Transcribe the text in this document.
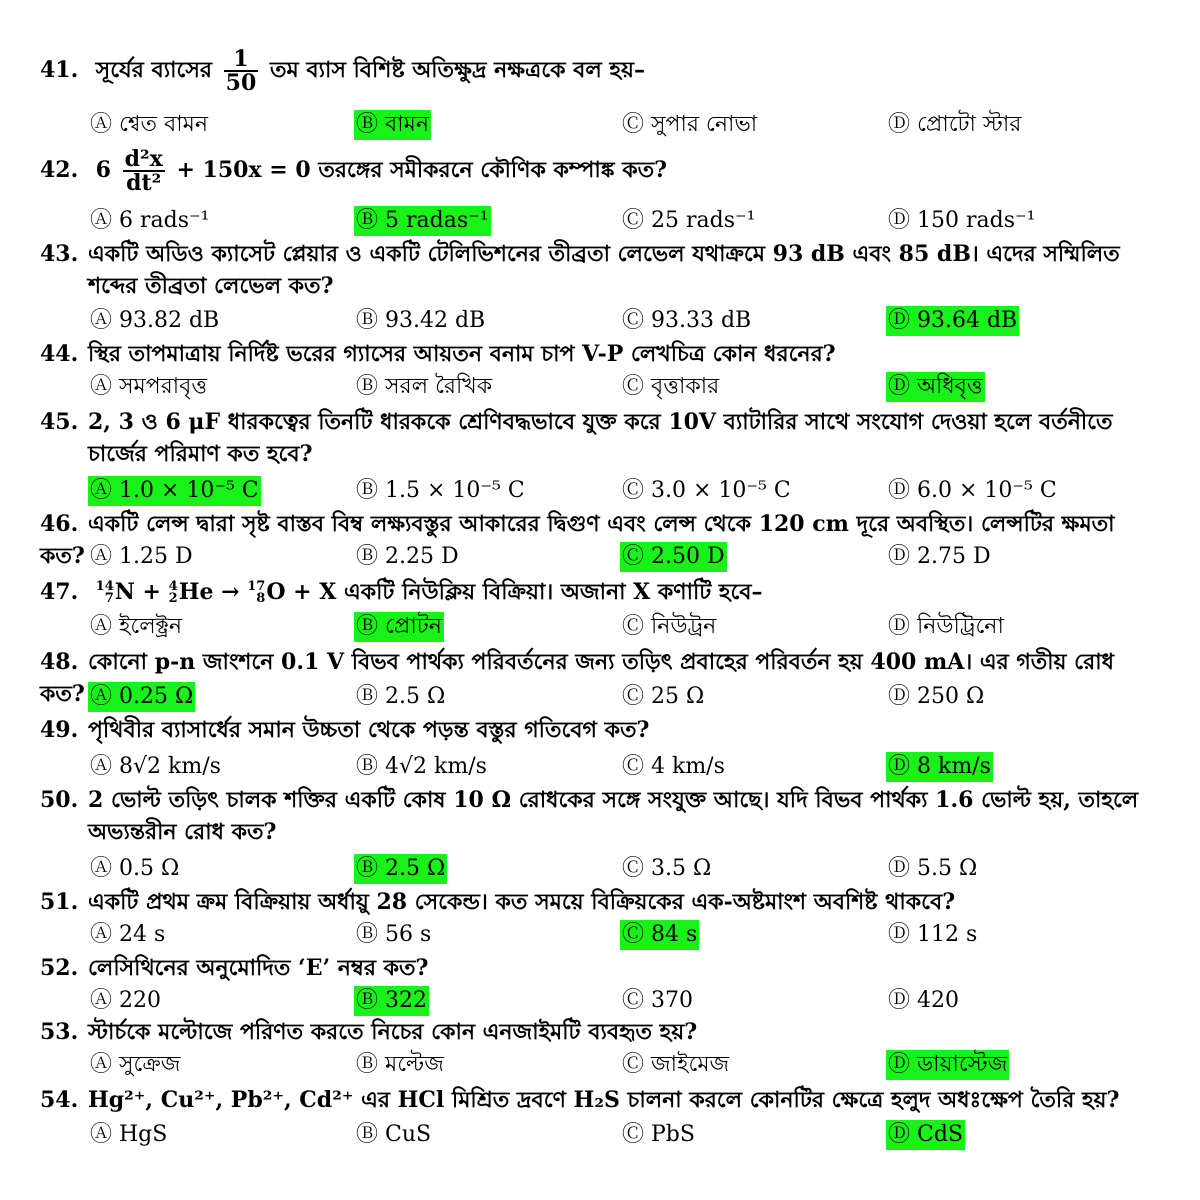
41. সূর্যের ব্যাসের $\frac{1}{50}$ তম ব্যাস বিশিষ্ট অতিক্ষুদ্র নক্ষত্রকে বল হয়–
Ⓐ শ্বেত বামন	Ⓑ বামন	Ⓒ সুপার নোভা	Ⓓ প্রোটো স্টার
42. $6 \frac{\text{d²x}}{\text{dt²}} + 150x = 0$ তরঙ্গের সমীকরনে কৌণিক কম্পাঙ্ক কত?
Ⓐ 6 rads⁻¹	Ⓑ 5 radas⁻¹	Ⓒ 25 rads⁻¹	Ⓓ 150 rads⁻¹
43. একটি অডিও ক্যাসেট প্লেয়ার ও একটি টেলিভিশনের তীব্রতা লেভেল যথাক্রমে 93 dB এবং 85 dB। এদের সম্মিলিত
শব্দের তীব্রতা লেভেল কত?
Ⓐ 93.82 dB	Ⓑ 93.42 dB	Ⓒ 93.33 dB	Ⓓ 93.64 dB
44. স্থির তাপমাত্রায় নির্দিষ্ট ভরের গ্যাসের আয়তন বনাম চাপ V-P লেখচিত্র কোন ধরনের?
Ⓐ সমপরাবৃত্ত	Ⓑ সরল রৈখিক	Ⓒ বৃত্তাকার	Ⓓ অধিবৃত্ত
45. 2, 3 ও 6 μF ধারকত্বের তিনটি ধারককে শ্রেণিবদ্ধভাবে যুক্ত করে 10V ব্যাটারির সাথে সংযোগ দেওয়া হলে বর্তনীতে
চার্জের পরিমাণ কত হবে?
Ⓐ 1.0 × 10⁻⁵ C	Ⓑ 1.5 × 10⁻⁵ C	Ⓒ 3.0 × 10⁻⁵ C	Ⓓ 6.0 × 10⁻⁵ C
46. একটি লেন্স দ্বারা সৃষ্ট বাস্তব বিম্ব লক্ষ্যবস্তুর আকারের দ্বিগুণ এবং লেন্স থেকে 120 cm দূরে অবস্থিত। লেন্সটির ক্ষমতা কত? Ⓐ 1.25 D	Ⓑ 2.25 D	Ⓒ 2.50 D	Ⓓ 2.75 D
47. 14
7 N + 4
2 He → 17
8 O + X একটি নিউক্লিয় বিক্রিয়া। অজানা X কণাটি হবে–
Ⓐ ইলেক্ট্রন	Ⓑ প্রোটন	Ⓒ নিউট্রন	Ⓓ নিউট্রিনো
48. কোনো p-n জাংশনে 0.1 V বিভব পার্থক্য পরিবর্তনের জন্য তড়িৎ প্রবাহের পরিবর্তন হয় 400 mA। এর গতীয় রোধ কত? Ⓐ 0.25 Ω	Ⓑ 2.5 Ω	Ⓒ 25 Ω	Ⓓ 250 Ω
49. পৃথিবীর ব্যাসার্ধের সমান উচ্চতা থেকে পড়ন্ত বস্তুর গতিবেগ কত?
Ⓐ 8√2 km/s	Ⓑ 4√2 km/s	Ⓒ 4 km/s	Ⓓ 8 km/s
50. 2 ভোল্ট তড়িৎ চালক শক্তির একটি কোষ 10 Ω রোধকের সঙ্গে সংযুক্ত আছে। যদি বিভব পার্থক্য 1.6 ভোল্ট হয়, তাহলে
অভ্যন্তরীন রোধ কত?
Ⓐ 0.5 Ω	Ⓑ 2.5 Ω	Ⓒ 3.5 Ω	Ⓓ 5.5 Ω
51. একটি প্রথম ক্রম বিক্রিয়ায় অর্ধায়ু 28 সেকেন্ড। কত সময়ে বিক্রিয়কের এক-অষ্টমাংশ অবশিষ্ট থাকবে?
Ⓐ 24 s	Ⓑ 56 s	Ⓒ 84 s	Ⓓ 112 s
52. লেসিথিনের অনুমোদিত ‘E’ নম্বর কত?
Ⓐ 220	Ⓑ 322	Ⓒ 370	Ⓓ 420
53. স্টার্চকে মল্টোজে পরিণত করতে নিচের কোন এনজাইমটি ব্যবহৃত হয়?
Ⓐ সুক্রেজ	Ⓑ মল্টেজ	Ⓒ জাইমেজ	Ⓓ ডায়াস্টেজ
54. Hg²⁺, Cu²⁺, Pb²⁺, Cd²⁺ এর HCl মিশ্রিত দ্রবণে H₂S চালনা করলে কোনটির ক্ষেত্রে হলুদ অধঃক্ষেপ তৈরি হয়?
Ⓐ HgS	Ⓑ CuS	Ⓒ PbS	Ⓓ CdS
